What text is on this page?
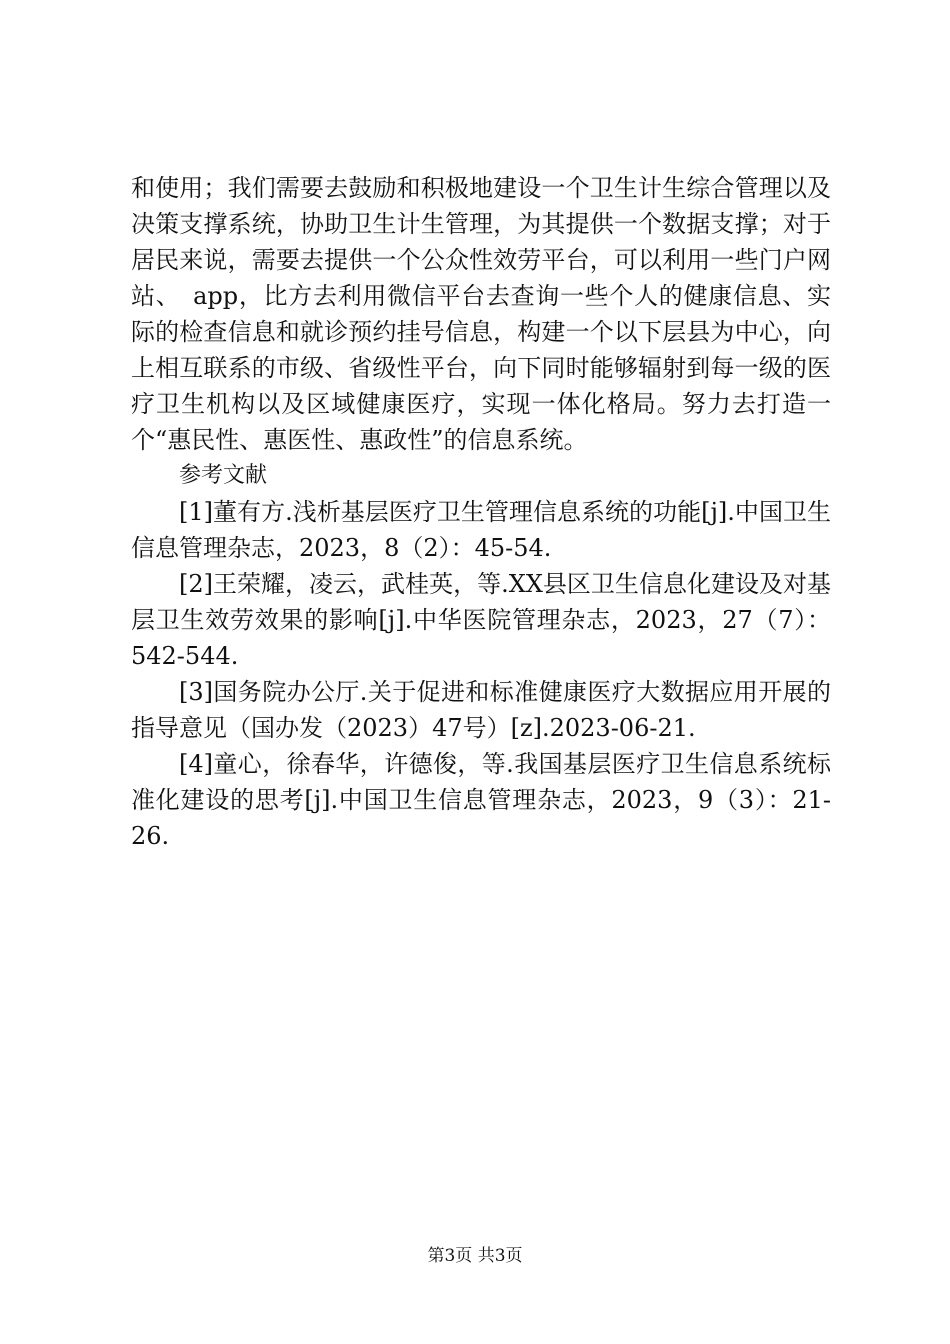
和使用；我们需要去鼓励和积极地建设一个卫生计生综合管理以及决策支撑系统，协助卫生计生管理，为其提供一个数据支撑；对于居民来说，需要去提供一个公众性效劳平台，可以利用一些门户网站、　app，比方去利用微信平台去查询一些个人的健康信息、实际的检查信息和就诊预约挂号信息，构建一个以下层县为中心，向上相互联系的市级、省级性平台，向下同时能够辐射到每一级的医疗卫生机构以及区域健康医疗，实现一体化格局。努力去打造一个“惠民性、惠医性、惠政性”的信息系统。

参考文献

[1]董有方.浅析基层医疗卫生管理信息系统的功能[j].中国卫生信息管理杂志，2023，8（2）：45-54.

[2]王荣耀，凌云，武桂英，等.XX县区卫生信息化建设及对基层卫生效劳效果的影响[j].中华医院管理杂志，2023，27（7）：542-544.

[3]国务院办公厅.关于促进和标准健康医疗大数据应用开展的指导意见（国办发（2023）47号）[z].2023-06-21.

[4]童心，徐春华，许德俊，等.我国基层医疗卫生信息系统标准化建设的思考[j].中国卫生信息管理杂志，2023，9（3）：21-26.

第3页 共3页
